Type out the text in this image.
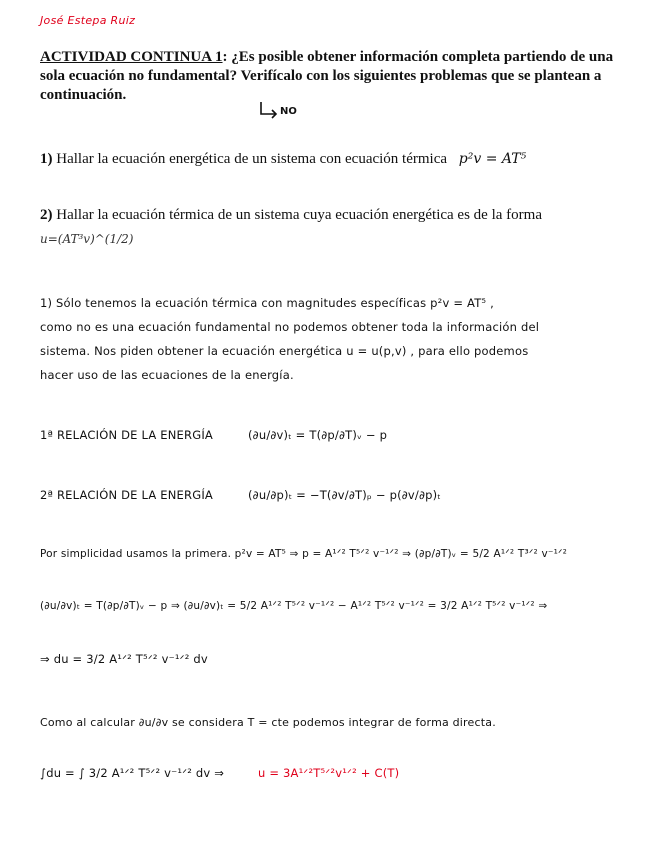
José Estepa Ruiz
ACTIVIDAD CONTINUA 1: ¿Es posible obtener información completa partiendo de una sola ecuación no fundamental? Verifícalo con los siguientes problemas que se plantean a continuación.
NO
1) Hallar la ecuación energética de un sistema con ecuación térmica p²v = AT⁵
2) Hallar la ecuación térmica de un sistema cuya ecuación energética es de la forma
u=(AT³v)^(1/2)
1) Sólo tenemos la ecuación térmica con magnitudes específicas p²v = AT⁵ ,
como no es una ecuación fundamental no podemos obtener toda la información del
sistema. Nos piden obtener la ecuación energética u = u(p,v) , para ello podemos
hacer uso de las ecuaciones de la energía.
1ª RELACIÓN DE LA ENERGÍA	(∂u/∂v)ₜ = T(∂p/∂T)ᵥ − p
2ª RELACIÓN DE LA ENERGÍA	(∂u/∂p)ₜ = −T(∂v/∂T)ₚ − p(∂v/∂p)ₜ
Por simplicidad usamos la primera. p²v = AT⁵ ⇒ p = A¹ᐟ² T⁵ᐟ² v⁻¹ᐟ² ⇒ (∂p/∂T)ᵥ = 5/2 A¹ᐟ² T³ᐟ² v⁻¹ᐟ²
(∂u/∂v)ₜ = T(∂p/∂T)ᵥ − p ⇒ (∂u/∂v)ₜ = 5/2 A¹ᐟ² T⁵ᐟ² v⁻¹ᐟ² − A¹ᐟ² T⁵ᐟ² v⁻¹ᐟ² = 3/2 A¹ᐟ² T⁵ᐟ² v⁻¹ᐟ² ⇒
⇒ du = 3/2 A¹ᐟ² T⁵ᐟ² v⁻¹ᐟ² dv
Como al calcular ∂u/∂v se considera T = cte podemos integrar de forma directa.
∫du = ∫ 3/2 A¹ᐟ² T⁵ᐟ² v⁻¹ᐟ² dv ⇒	u = 3A¹ᐟ²T⁵ᐟ²v¹ᐟ² + C(T)
